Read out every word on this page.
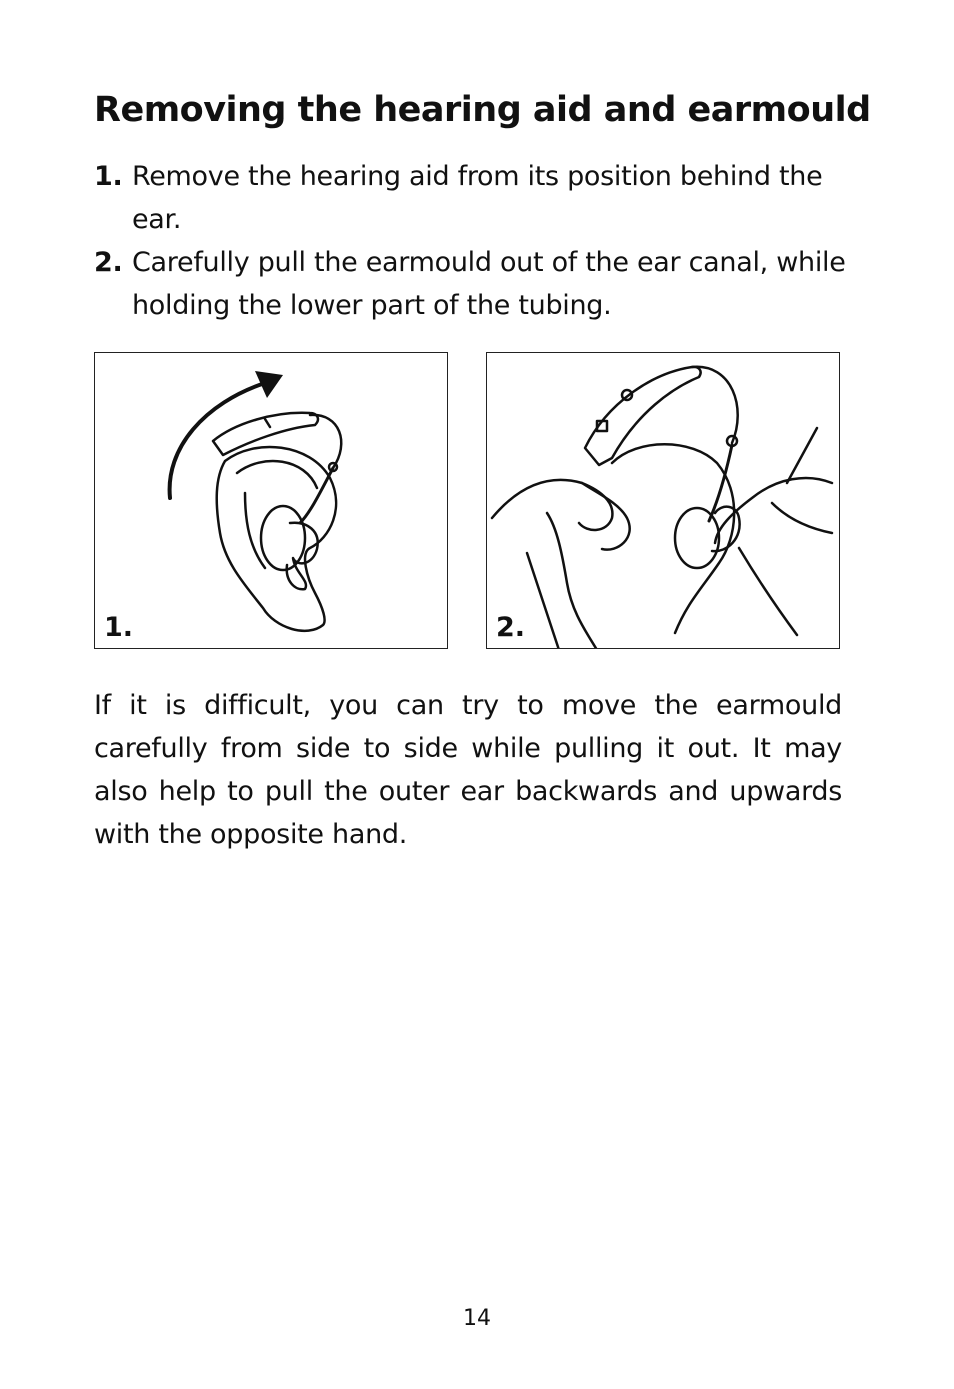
Removing the hearing aid and earmould
1. Remove the hearing aid from its position behind the ear.
2. Carefully pull the earmould out of the ear canal, while holding the lower part of the tubing.
1.	2.

If it is difficult, you can try to move the earmould carefully from side to side while pulling it out. It may also help to pull the outer ear backwards and upwards with the opposite hand.

14
